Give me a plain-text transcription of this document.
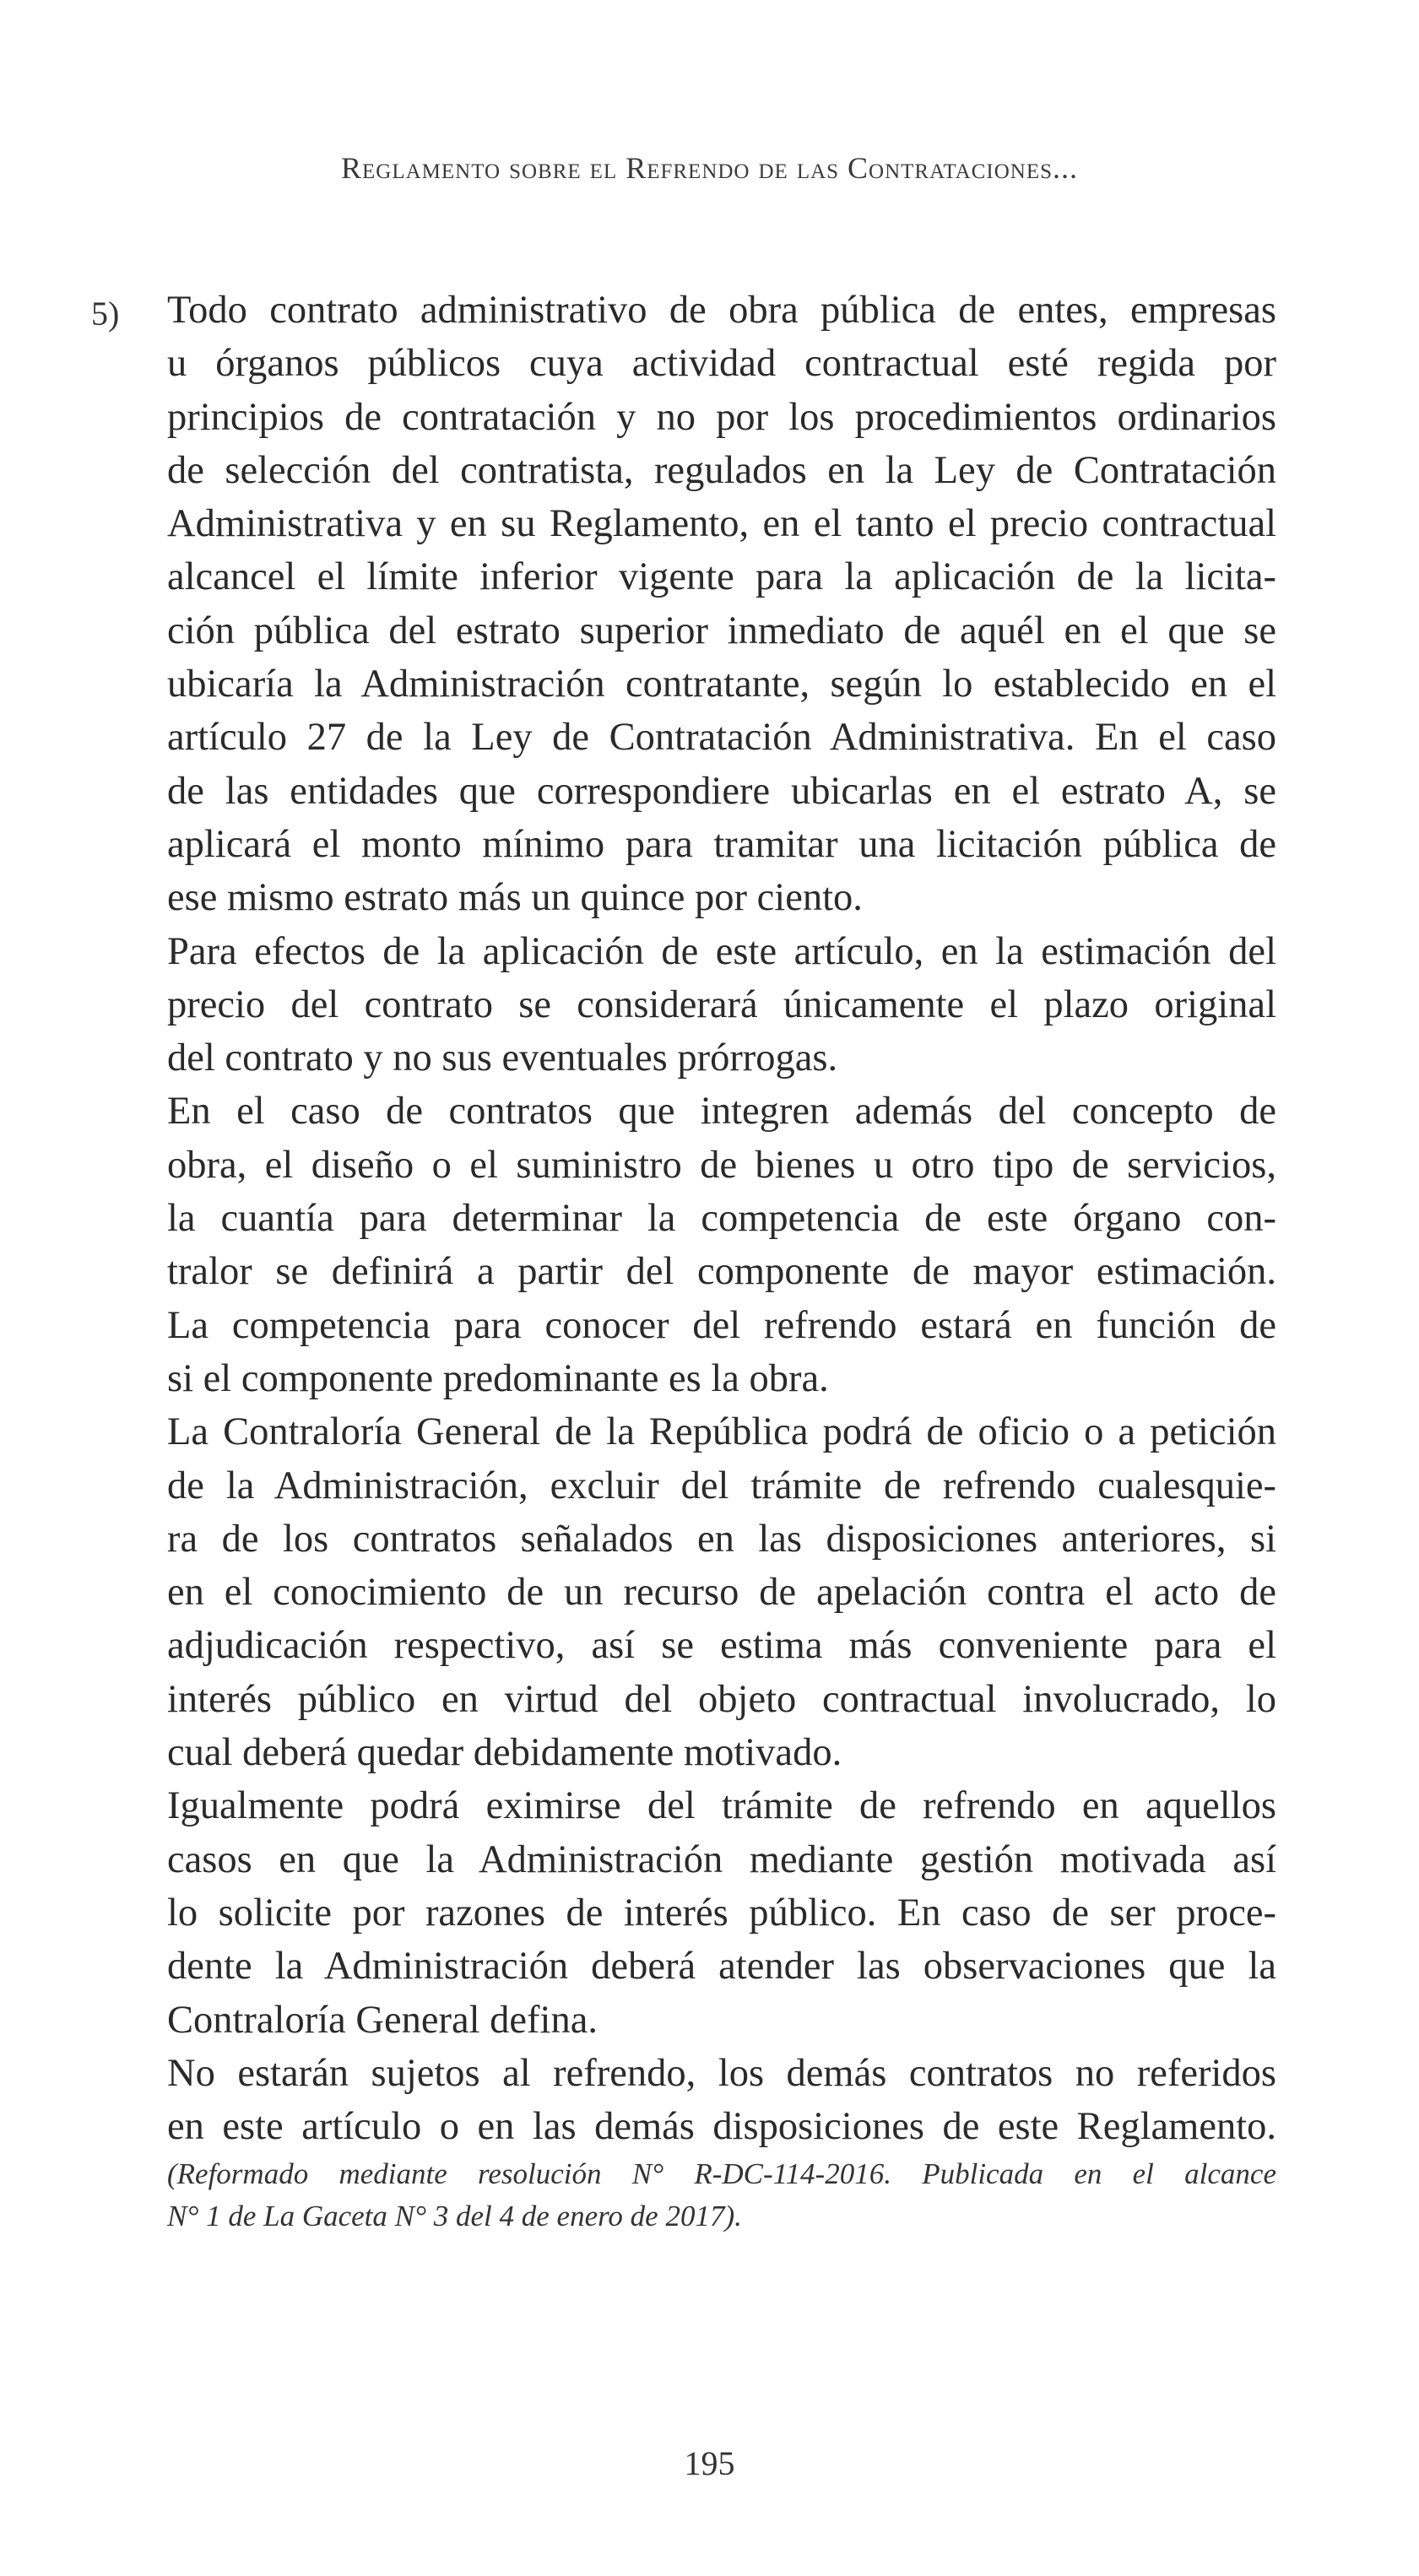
Reglamento sobre el Refrendo de las Contrataciones...
5) Todo contrato administrativo de obra pública de entes, empresas
u órganos públicos cuya actividad contractual esté regida por
principios de contratación y no por los procedimientos ordinarios
de selección del contratista, regulados en la Ley de Contratación
Administrativa y en su Reglamento, en el tanto el precio contractual
alcancel el límite inferior vigente para la aplicación de la licita-
ción pública del estrato superior inmediato de aquél en el que se
ubicaría la Administración contratante, según lo establecido en el
artículo 27 de la Ley de Contratación Administrativa. En el caso
de las entidades que correspondiere ubicarlas en el estrato A, se
aplicará el monto mínimo para tramitar una licitación pública de
ese mismo estrato más un quince por ciento.
Para efectos de la aplicación de este artículo, en la estimación del
precio del contrato se considerará únicamente el plazo original
del contrato y no sus eventuales prórrogas.
En el caso de contratos que integren además del concepto de
obra, el diseño o el suministro de bienes u otro tipo de servicios,
la cuantía para determinar la competencia de este órgano con-
tralor se definirá a partir del componente de mayor estimación.
La competencia para conocer del refrendo estará en función de
si el componente predominante es la obra.
La Contraloría General de la República podrá de oficio o a petición
de la Administración, excluir del trámite de refrendo cualesquie-
ra de los contratos señalados en las disposiciones anteriores, si
en el conocimiento de un recurso de apelación contra el acto de
adjudicación respectivo, así se estima más conveniente para el
interés público en virtud del objeto contractual involucrado, lo
cual deberá quedar debidamente motivado.
Igualmente podrá eximirse del trámite de refrendo en aquellos
casos en que la Administración mediante gestión motivada así
lo solicite por razones de interés público. En caso de ser proce-
dente la Administración deberá atender las observaciones que la
Contraloría General defina.
No estarán sujetos al refrendo, los demás contratos no referidos
en este artículo o en las demás disposiciones de este Reglamento.
(Reformado mediante resolución N° R-DC-114-2016. Publicada en el alcance
N° 1 de La Gaceta N° 3 del 4 de enero de 2017).
195
